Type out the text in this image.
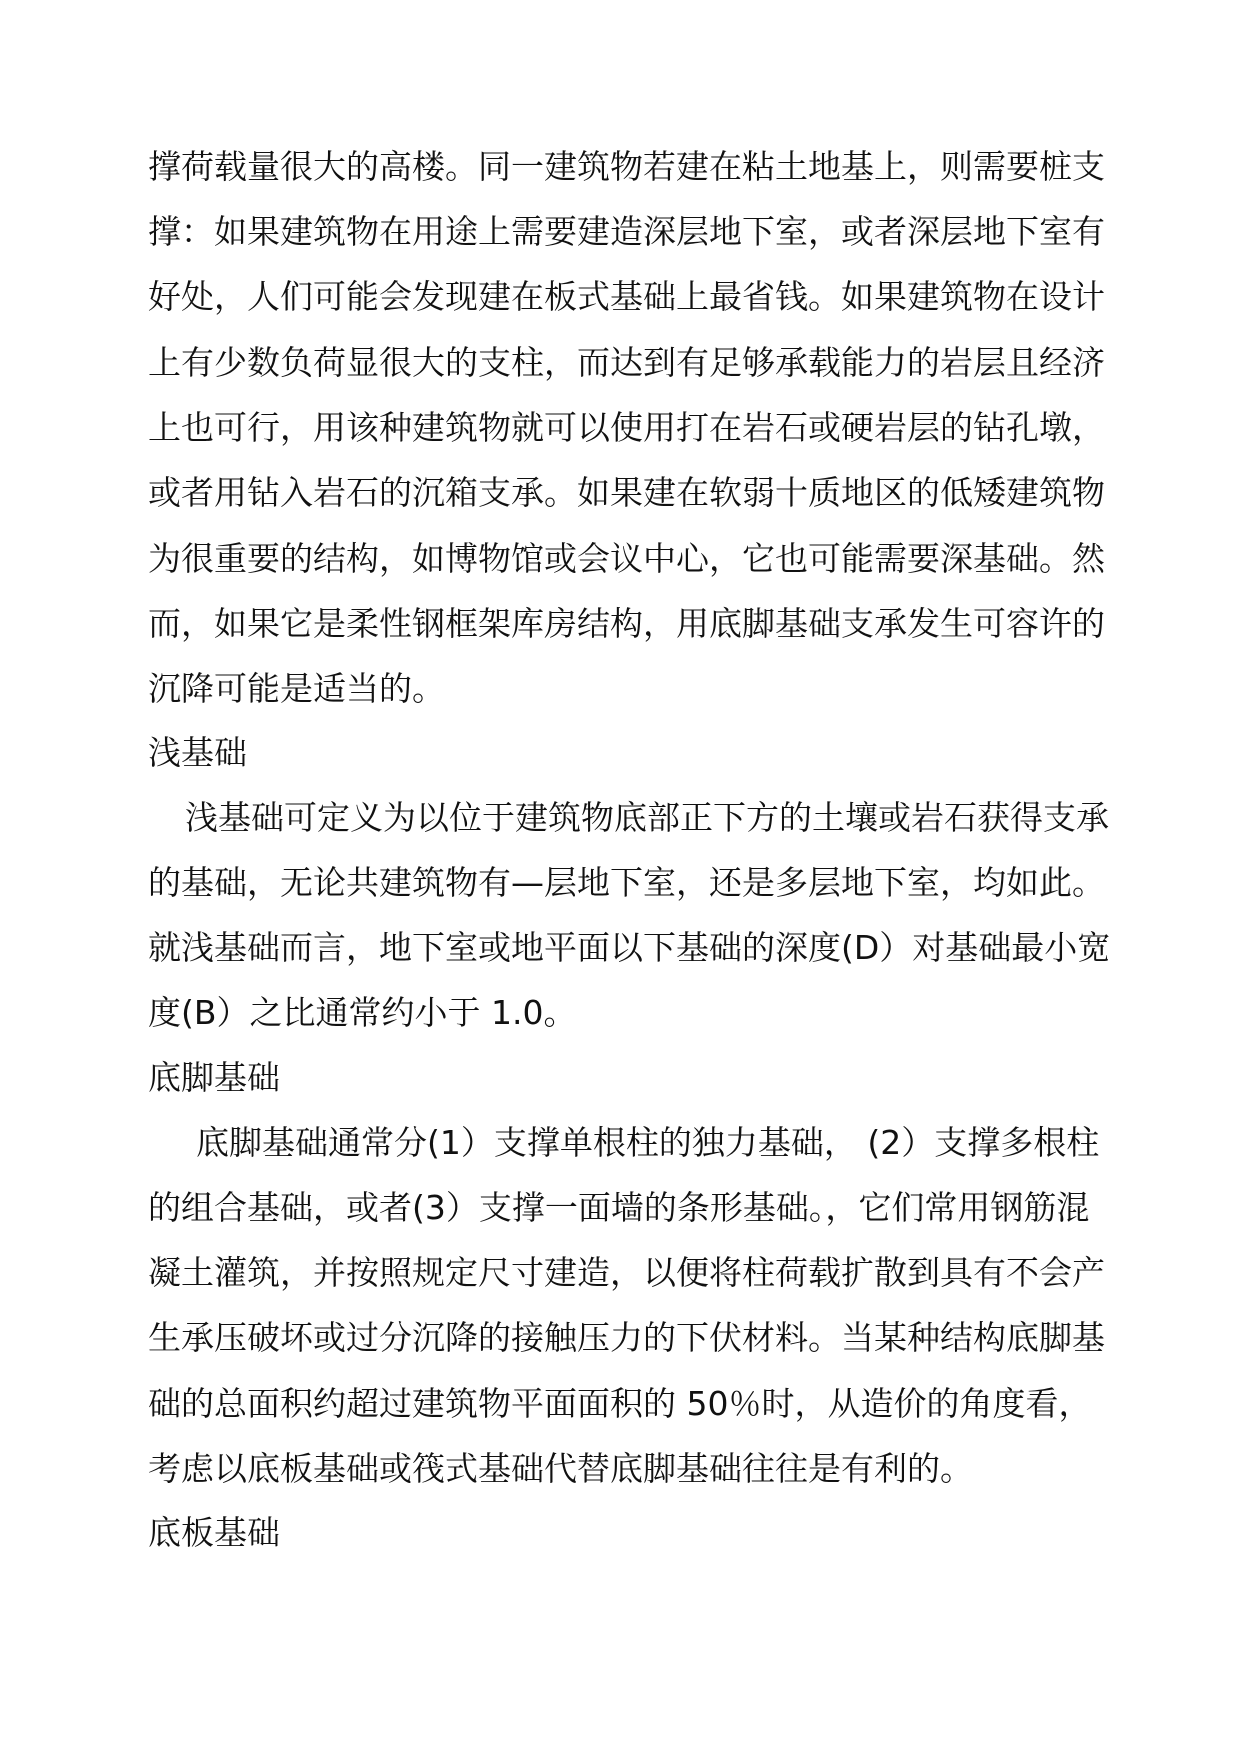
撑荷载量很大的高楼。同一建筑物若建在粘土地基上，则需要桩支
撑：如果建筑物在用途上需要建造深层地下室，或者深层地下室有
好处，人们可能会发现建在板式基础上最省钱。如果建筑物在设计
上有少数负荷显很大的支柱，而达到有足够承载能力的岩层且经济
上也可行，用该种建筑物就可以使用打在岩石或硬岩层的钻孔墩，
或者用钻入岩石的沉箱支承。如果建在软弱十质地区的低矮建筑物
为很重要的结构，如博物馆或会议中心，它也可能需要深基础。然
而，如果它是柔性钢框架库房结构，用底脚基础支承发生可容许的
沉降可能是适当的。
浅基础
浅基础可定义为以位于建筑物底部正下方的土壤或岩石获得支承
的基础，无论共建筑物有—层地下室，还是多层地下室，均如此。
就浅基础而言，地下室或地平面以下基础的深度(D）对基础最小宽
度(B）之比通常约小于 1.0。
底脚基础
底脚基础通常分(1）支撑单根柱的独力基础， (2）支撑多根柱
的组合基础，或者(3）支撑一面墙的条形基础。，它们常用钢筋混
凝土灌筑，并按照规定尺寸建造，以便将柱荷载扩散到具有不会产
生承压破坏或过分沉降的接触压力的下伏材料。当某种结构底脚基
础的总面积约超过建筑物平面面积的 50％时，从造价的角度看，
考虑以底板基础或筏式基础代替底脚基础往往是有利的。
底板基础
